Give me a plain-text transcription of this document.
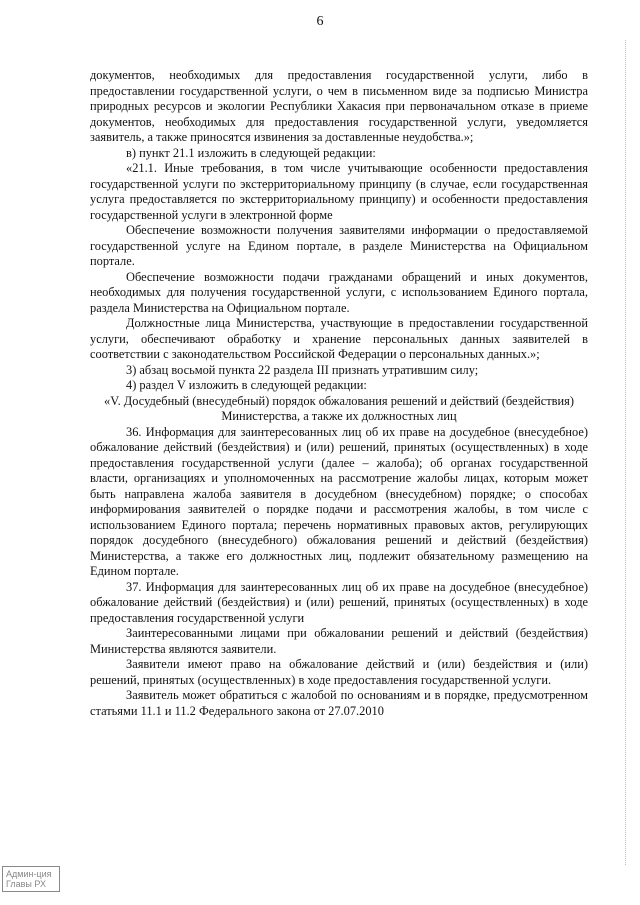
6

документов, необходимых для предоставления государственной услуги, либо в предоставлении государственной услуги, о чем в письменном виде за подписью Министра природных ресурсов и экологии Республики Хакасия при первоначальном отказе в приеме документов, необходимых для предоставления государственной услуги, уведомляется заявитель, а также приносятся извинения за доставленные неудобства.»;

в) пункт 21.1 изложить в следующей редакции:

«21.1. Иные требования, в том числе учитывающие особенности предоставления государственной услуги по экстерриториальному принципу (в случае, если государственная услуга предоставляется по экстерриториальному принципу) и особенности предоставления государственной услуги в электронной форме

Обеспечение возможности получения заявителями информации о предоставляемой государственной услуге на Едином портале, в разделе Министерства на Официальном портале.

Обеспечение возможности подачи гражданами обращений и иных документов, необходимых для получения государственной услуги, с использованием Единого портала, раздела Министерства на Официальном портале.

Должностные лица Министерства, участвующие в предоставлении государственной услуги, обеспечивают обработку и хранение персональных данных заявителей в соответствии с законодательством Российской Федерации о персональных данных.»;

3) абзац восьмой пункта 22 раздела III признать утратившим силу;

4) раздел V изложить в следующей редакции:

«V. Досудебный (внесудебный) порядок обжалования решений и действий (бездействия) Министерства, а также их должностных лиц

36. Информация для заинтересованных лиц об их праве на досудебное (внесудебное) обжалование действий (бездействия) и (или) решений, принятых (осуществленных) в ходе предоставления государственной услуги (далее – жалоба); об органах государственной власти, организациях и уполномоченных на рассмотрение жалобы лицах, которым может быть направлена жалоба заявителя в досудебном (внесудебном) порядке; о способах информирования заявителей о порядке подачи и рассмотрения жалобы, в том числе с использованием Единого портала; перечень нормативных правовых актов, регулирующих порядок досудебного (внесудебного) обжалования решений и действий (бездействия) Министерства, а также его должностных лиц, подлежит обязательному размещению на Едином портале.

37. Информация для заинтересованных лиц об их праве на досудебное (внесудебное) обжалование действий (бездействия) и (или) решений, принятых (осуществленных) в ходе предоставления государственной услуги

Заинтересованными лицами при обжаловании решений и действий (бездействия) Министерства являются заявители.

Заявители имеют право на обжалование действий и (или) бездействия и (или) решений, принятых (осуществленных) в ходе предоставления государственной услуги.

Заявитель может обратиться с жалобой по основаниям и в порядке, предусмотренном статьями 11.1 и 11.2 Федерального закона от 27.07.2010

Админ-ция
Главы РХ
